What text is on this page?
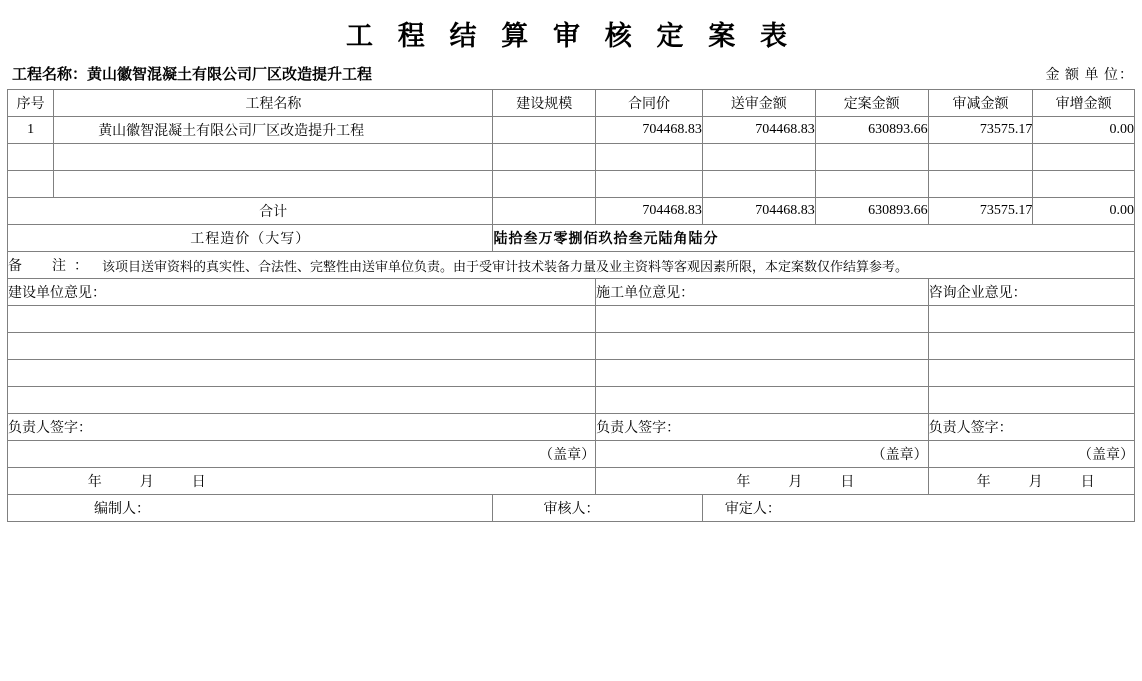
工 程 结 算 审 核 定 案 表
工程名称：黄山徽智混凝土有限公司厂区改造提升工程	金 额 单 位：
序号	工程名称	建设规模	合同价	送审金额	定案金额	审减金额	审增金额
1	黄山徽智混凝土有限公司厂区改造提升工程		704468.83	704468.83	630893.66	73575.17	0.00

	合计		704468.83	704468.83	630893.66	73575.17	0.00
工程造价（大写）		陆拾叁万零捌佰玖拾叁元陆角陆分					

备　注： 该项目送审资料的真实性、合法性、完整性由送审单位负责。由于受审计技术装备力量及业主资料等客观因素所限，本定案数仅作结算参考。							

建设单位意见：			施工单位意见：			咨询企业意见：	

负责人签字：			负责人签字：			负责人签字：	
（盖章）			（盖章）			（盖章）	

	年 月 日			年 月 日		年 月 日	

编制人：		审核人：		审定人：			
